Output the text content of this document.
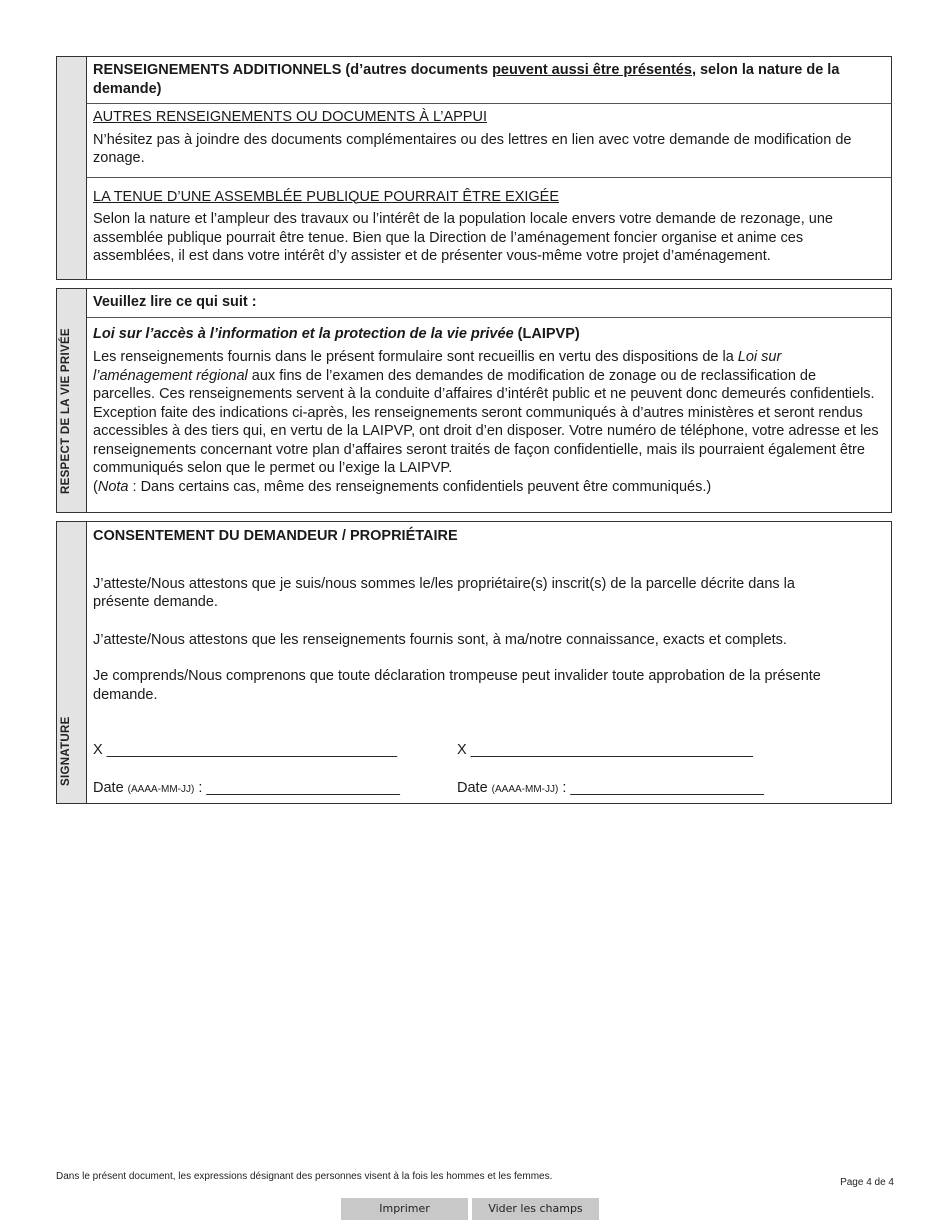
RENSEIGNEMENTS ADDITIONNELS (d’autres documents peuvent aussi être présentés, selon la nature de la demande)
AUTRES RENSEIGNEMENTS OU DOCUMENTS À L’APPUI

N’hésitez pas à joindre des documents complémentaires ou des lettres en lien avec votre demande de modification de zonage.

LA TENUE D’UNE ASSEMBLÉE PUBLIQUE POURRAIT ÊTRE EXIGÉE

Selon la nature et l’ampleur des travaux ou l’intérêt de la population locale envers votre demande de rezonage, une assemblée publique pourrait être tenue. Bien que la Direction de l’aménagement foncier organise et anime ces assemblées, il est dans votre intérêt d’y assister et de présenter vous-même votre projet d’aménagement.

RESPECT DE LA VIE PRIVÉE
Veuillez lire ce qui suit :
Loi sur l’accès à l’information et la protection de la vie privée (LAIPVP)

Les renseignements fournis dans le présent formulaire sont recueillis en vertu des dispositions de la Loi sur l’aménagement régional aux fins de l’examen des demandes de modification de zonage ou de reclassification de parcelles. Ces renseignements servent à la conduite d’affaires d’intérêt public et ne peuvent donc demeurés confidentiels. Exception faite des indications ci-après, les renseignements seront communiqués à d’autres ministères et seront rendus accessibles à des tiers qui, en vertu de la LAIPVP, ont droit d’en disposer. Votre numéro de téléphone, votre adresse et les renseignements concernant votre plan d’affaires seront traités de façon confidentielle, mais ils pourraient également être communiqués selon que le permet ou l’exige la LAIPVP.

(Nota : Dans certains cas, même des renseignements confidentiels peuvent être communiqués.)

SIGNATURE
CONSENTEMENT DU DEMANDEUR / PROPRIÉTAIRE

J’atteste/Nous attestons que je suis/nous sommes le/les propriétaire(s) inscrit(s) de la parcelle décrite dans la présente demande.

J’atteste/Nous attestons que les renseignements fournis sont, à ma/notre connaissance, exacts et complets.

Je comprends/Nous comprenons que toute déclaration trompeuse peut invalider toute approbation de la présente demande.

X ____________________________________	X ___________________________________
Date (AAAA-MM-JJ) : ________________________	Date (AAAA-MM-JJ) : ________________________
Dans le présent document, les expressions désignant des personnes visent à la fois les hommes et les femmes.
Page 4 de 4
Imprimer	Vider les champs
